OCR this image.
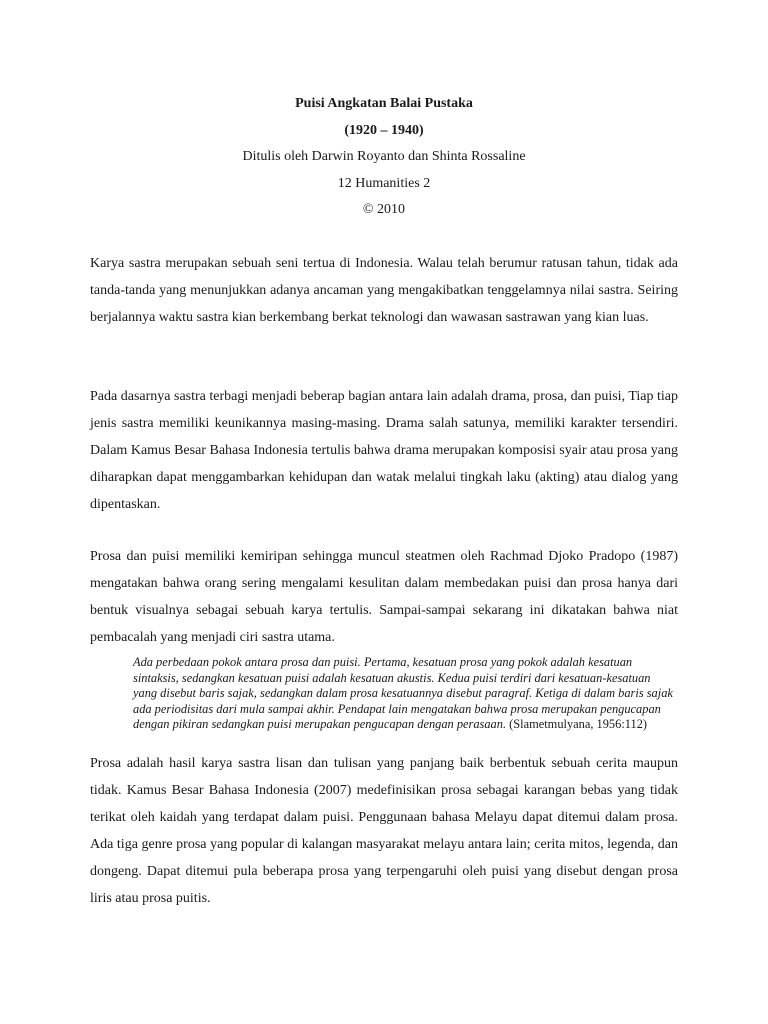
Puisi Angkatan Balai Pustaka
(1920 – 1940)
Ditulis oleh Darwin Royanto dan Shinta Rossaline
12 Humanities 2
© 2010

Karya sastra merupakan sebuah seni tertua di Indonesia. Walau telah berumur ratusan tahun, tidak ada tanda-tanda yang menunjukkan adanya ancaman yang mengakibatkan tenggelamnya nilai sastra. Seiring berjalannya waktu sastra kian berkembang berkat teknologi dan wawasan sastrawan yang kian luas.

Pada dasarnya sastra terbagi menjadi beberap bagian antara lain adalah drama, prosa, dan puisi, Tiap tiap jenis sastra memiliki keunikannya masing-masing. Drama salah satunya, memiliki karakter tersendiri. Dalam Kamus Besar Bahasa Indonesia tertulis bahwa drama merupakan komposisi syair atau prosa yang diharapkan dapat menggambarkan kehidupan dan watak melalui tingkah laku (akting) atau dialog yang dipentaskan.

Prosa dan puisi memiliki kemiripan sehingga muncul steatmen oleh Rachmad Djoko Pradopo (1987) mengatakan bahwa orang sering mengalami kesulitan dalam membedakan puisi dan prosa hanya dari bentuk visualnya sebagai sebuah karya tertulis. Sampai-sampai sekarang ini dikatakan bahwa niat pembacalah yang menjadi ciri sastra utama.

Ada perbedaan pokok antara prosa dan puisi. Pertama, kesatuan prosa yang pokok adalah kesatuan sintaksis, sedangkan kesatuan puisi adalah kesatuan akustis. Kedua puisi terdiri dari kesatuan-kesatuan yang disebut baris sajak, sedangkan dalam prosa kesatuannya disebut paragraf. Ketiga di dalam baris sajak ada periodisitas dari mula sampai akhir. Pendapat lain mengatakan bahwa prosa merupakan pengucapan dengan pikiran sedangkan puisi merupakan pengucapan dengan perasaan. (Slametmulyana, 1956:112)

Prosa adalah hasil karya sastra lisan dan tulisan yang panjang baik berbentuk sebuah cerita maupun tidak. Kamus Besar Bahasa Indonesia (2007) medefinisikan prosa sebagai karangan bebas yang tidak terikat oleh kaidah yang terdapat dalam puisi. Penggunaan bahasa Melayu dapat ditemui dalam prosa. Ada tiga genre prosa yang popular di kalangan masyarakat melayu antara lain; cerita mitos, legenda, dan dongeng. Dapat ditemui pula beberapa prosa yang terpengaruhi oleh puisi yang disebut dengan prosa liris atau prosa puitis.
